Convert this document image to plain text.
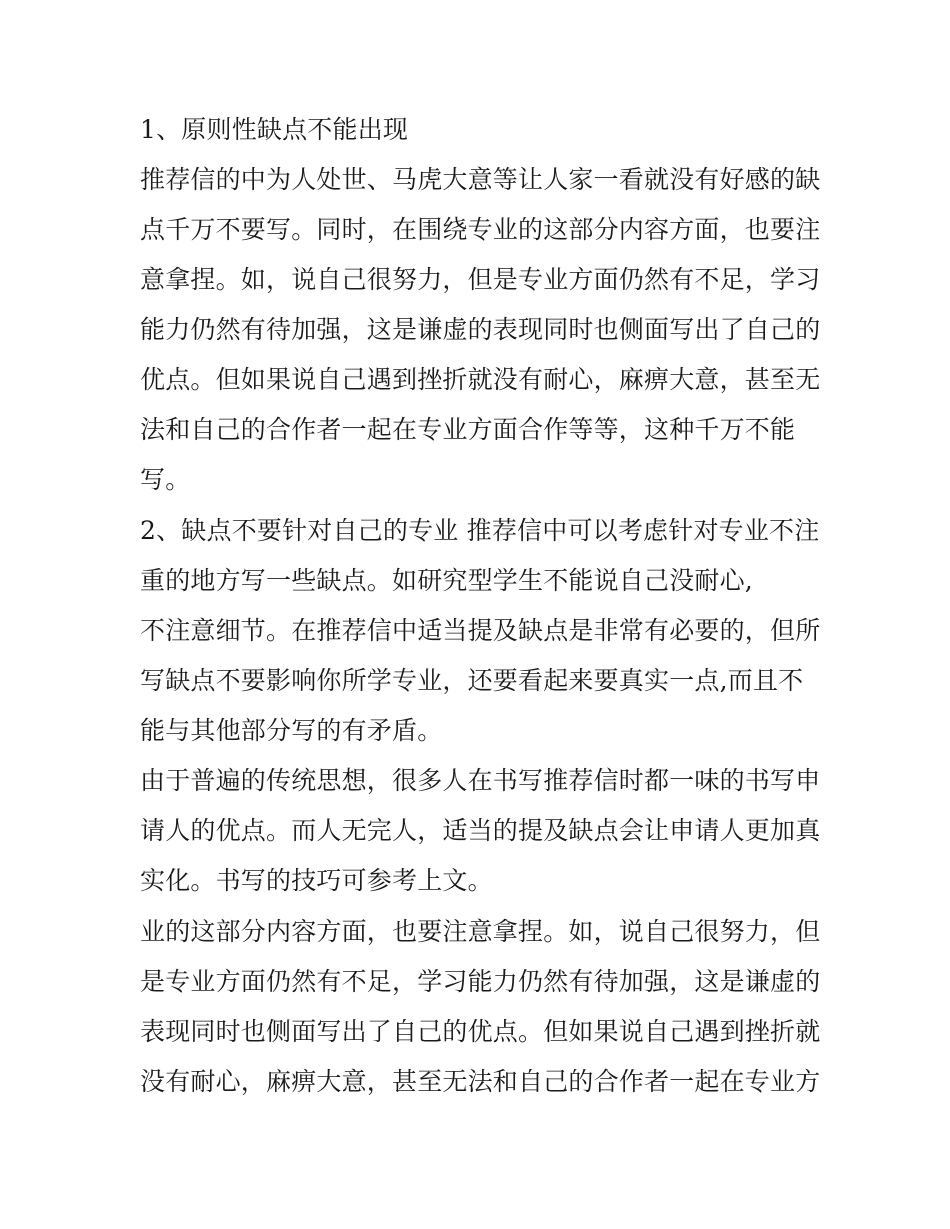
1、原则性缺点不能出现

推荐信的中为人处世、马虎大意等让人家一看就没有好感的缺

点千万不要写。同时，在围绕专业的这部分内容方面，也要注

意拿捏。如，说自己很努力，但是专业方面仍然有不足，学习

能力仍然有待加强，这是谦虚的表现同时也侧面写出了自己的

优点。但如果说自己遇到挫折就没有耐心，麻痹大意，甚至无

法和自己的合作者一起在专业方面合作等等，这种千万不能

写。

2、缺点不要针对自己的专业 推荐信中可以考虑针对专业不注

重的地方写一些缺点。如研究型学生不能说自己没耐心,

不注意细节。在推荐信中适当提及缺点是非常有必要的，但所

写缺点不要影响你所学专业，还要看起来要真实一点,而且不

能与其他部分写的有矛盾。

由于普遍的传统思想，很多人在书写推荐信时都一味的书写申

请人的优点。而人无完人，适当的提及缺点会让申请人更加真

实化。书写的技巧可参考上文。

业的这部分内容方面，也要注意拿捏。如，说自己很努力，但

是专业方面仍然有不足，学习能力仍然有待加强，这是谦虚的

表现同时也侧面写出了自己的优点。但如果说自己遇到挫折就

没有耐心，麻痹大意，甚至无法和自己的合作者一起在专业方
